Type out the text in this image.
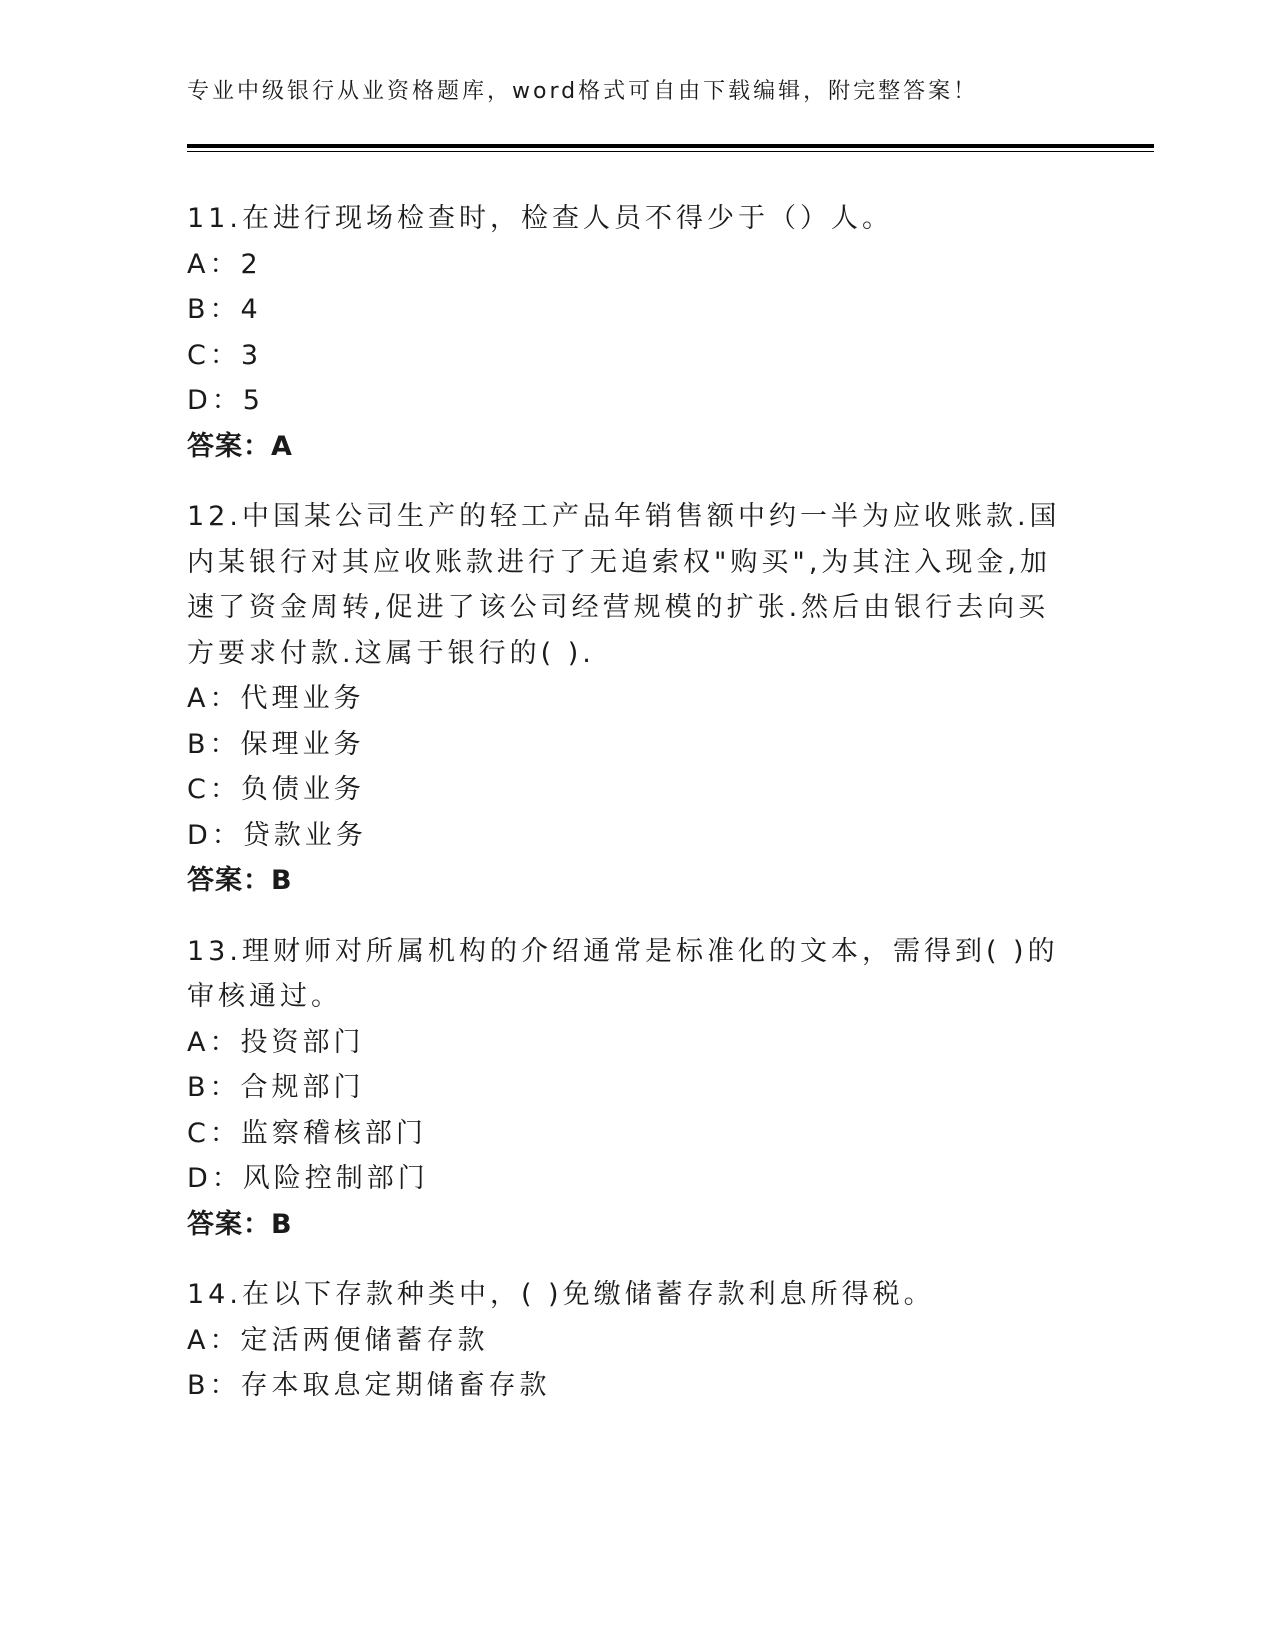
专业中级银行从业资格题库，word格式可自由下载编辑，附完整答案！

11.在进行现场检查时，检查人员不得少于（）人。

A：2
B：4
C：3
D：5
答案：A

12.中国某公司生产的轻工产品年销售额中约一半为应收账款.国内某银行对其应收账款进行了无追索权"购买",为其注入现金,加速了资金周转,促进了该公司经营规模的扩张.然后由银行去向买方要求付款.这属于银行的( ).

A：代理业务
B：保理业务
C：负债业务
D：贷款业务
答案：B

13.理财师对所属机构的介绍通常是标准化的文本，需得到( )的审核通过。

A：投资部门
B：合规部门
C：监察稽核部门
D：风险控制部门
答案：B

14.在以下存款种类中，( )免缴储蓄存款利息所得税。

A：定活两便储蓄存款
B：存本取息定期储畜存款
